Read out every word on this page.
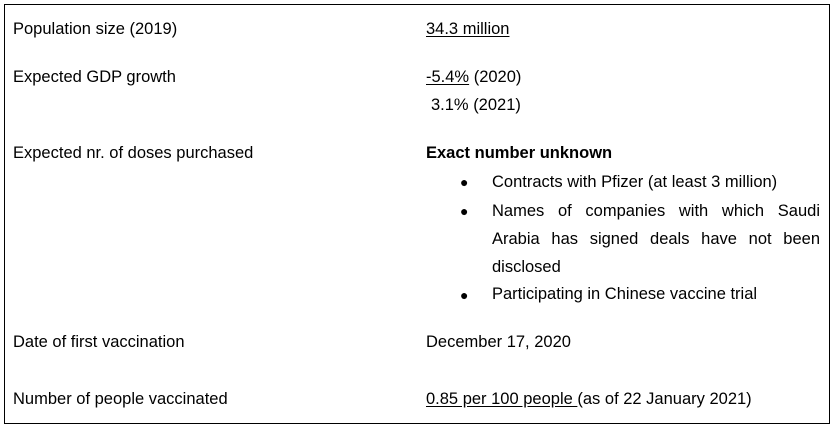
Population size (2019)	34.3 million
Expected GDP growth	-5.4% (2020)
3.1% (2021)
Expected nr. of doses purchased	Exact number unknown
● Contracts with Pfizer (at least 3 million)
● Names of companies with which Saudi Arabia has signed deals have not been disclosed
● Participating in Chinese vaccine trial
Date of first vaccination	December 17, 2020
Number of people vaccinated	0.85 per 100 people (as of 22 January 2021)
